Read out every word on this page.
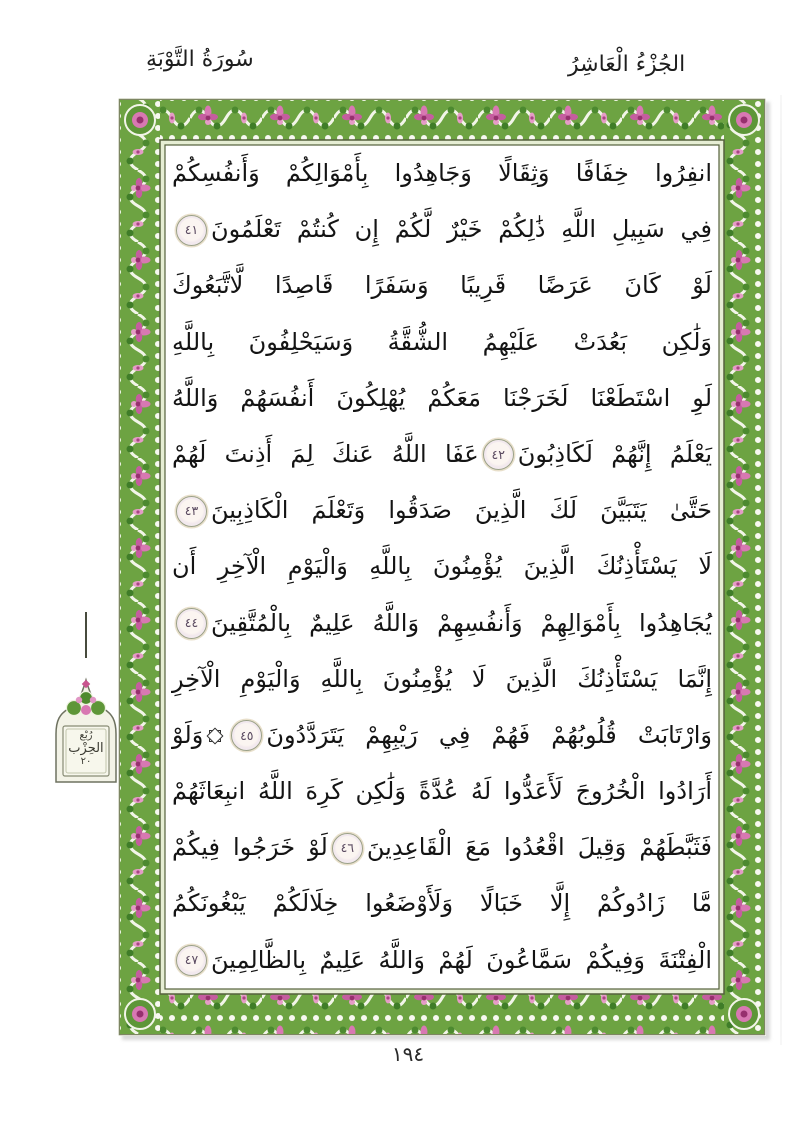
الجُزْءُ الْعَاشِرُ
سُورَةُ التَّوْبَةِ
انفِرُوا خِفَافًا وَثِقَالًا وَجَاهِدُوا بِأَمْوَالِكُمْ وَأَنفُسِكُمْ
فِي سَبِيلِ اللَّهِ ذَٰلِكُمْ خَيْرٌ لَّكُمْ إِن كُنتُمْ تَعْلَمُونَ
٤١
لَوْ كَانَ عَرَضًا قَرِيبًا وَسَفَرًا قَاصِدًا لَّاتَّبَعُوكَ
وَلَٰكِن بَعُدَتْ عَلَيْهِمُ الشُّقَّةُ وَسَيَحْلِفُونَ بِاللَّهِ
لَوِ اسْتَطَعْنَا لَخَرَجْنَا مَعَكُمْ يُهْلِكُونَ أَنفُسَهُمْ وَاللَّهُ
يَعْلَمُ إِنَّهُمْ لَكَاذِبُونَ
٤٢
عَفَا اللَّهُ عَنكَ لِمَ أَذِنتَ لَهُمْ
حَتَّىٰ يَتَبَيَّنَ لَكَ الَّذِينَ صَدَقُوا وَتَعْلَمَ الْكَاذِبِينَ
٤٣
لَا يَسْتَأْذِنُكَ الَّذِينَ يُؤْمِنُونَ بِاللَّهِ وَالْيَوْمِ الْآخِرِ أَن
يُجَاهِدُوا بِأَمْوَالِهِمْ وَأَنفُسِهِمْ وَاللَّهُ عَلِيمٌ بِالْمُتَّقِينَ
٤٤
إِنَّمَا يَسْتَأْذِنُكَ الَّذِينَ لَا يُؤْمِنُونَ بِاللَّهِ وَالْيَوْمِ الْآخِرِ
وَارْتَابَتْ قُلُوبُهُمْ فَهُمْ فِي رَيْبِهِمْ يَتَرَدَّدُونَ
٤٥
وَلَوْ
أَرَادُوا الْخُرُوجَ لَأَعَدُّوا لَهُ عُدَّةً وَلَٰكِن كَرِهَ اللَّهُ انبِعَاثَهُمْ
فَثَبَّطَهُمْ وَقِيلَ اقْعُدُوا مَعَ الْقَاعِدِينَ
٤٦
لَوْ خَرَجُوا فِيكُمْ
مَّا زَادُوكُمْ إِلَّا خَبَالًا وَلَأَوْضَعُوا خِلَالَكُمْ يَبْغُونَكُمُ
الْفِتْنَةَ وَفِيكُمْ سَمَّاعُونَ لَهُمْ وَاللَّهُ عَلِيمٌ بِالظَّالِمِينَ
٤٧
رُبْع
الحِزْب
٢٠
١٩٤
